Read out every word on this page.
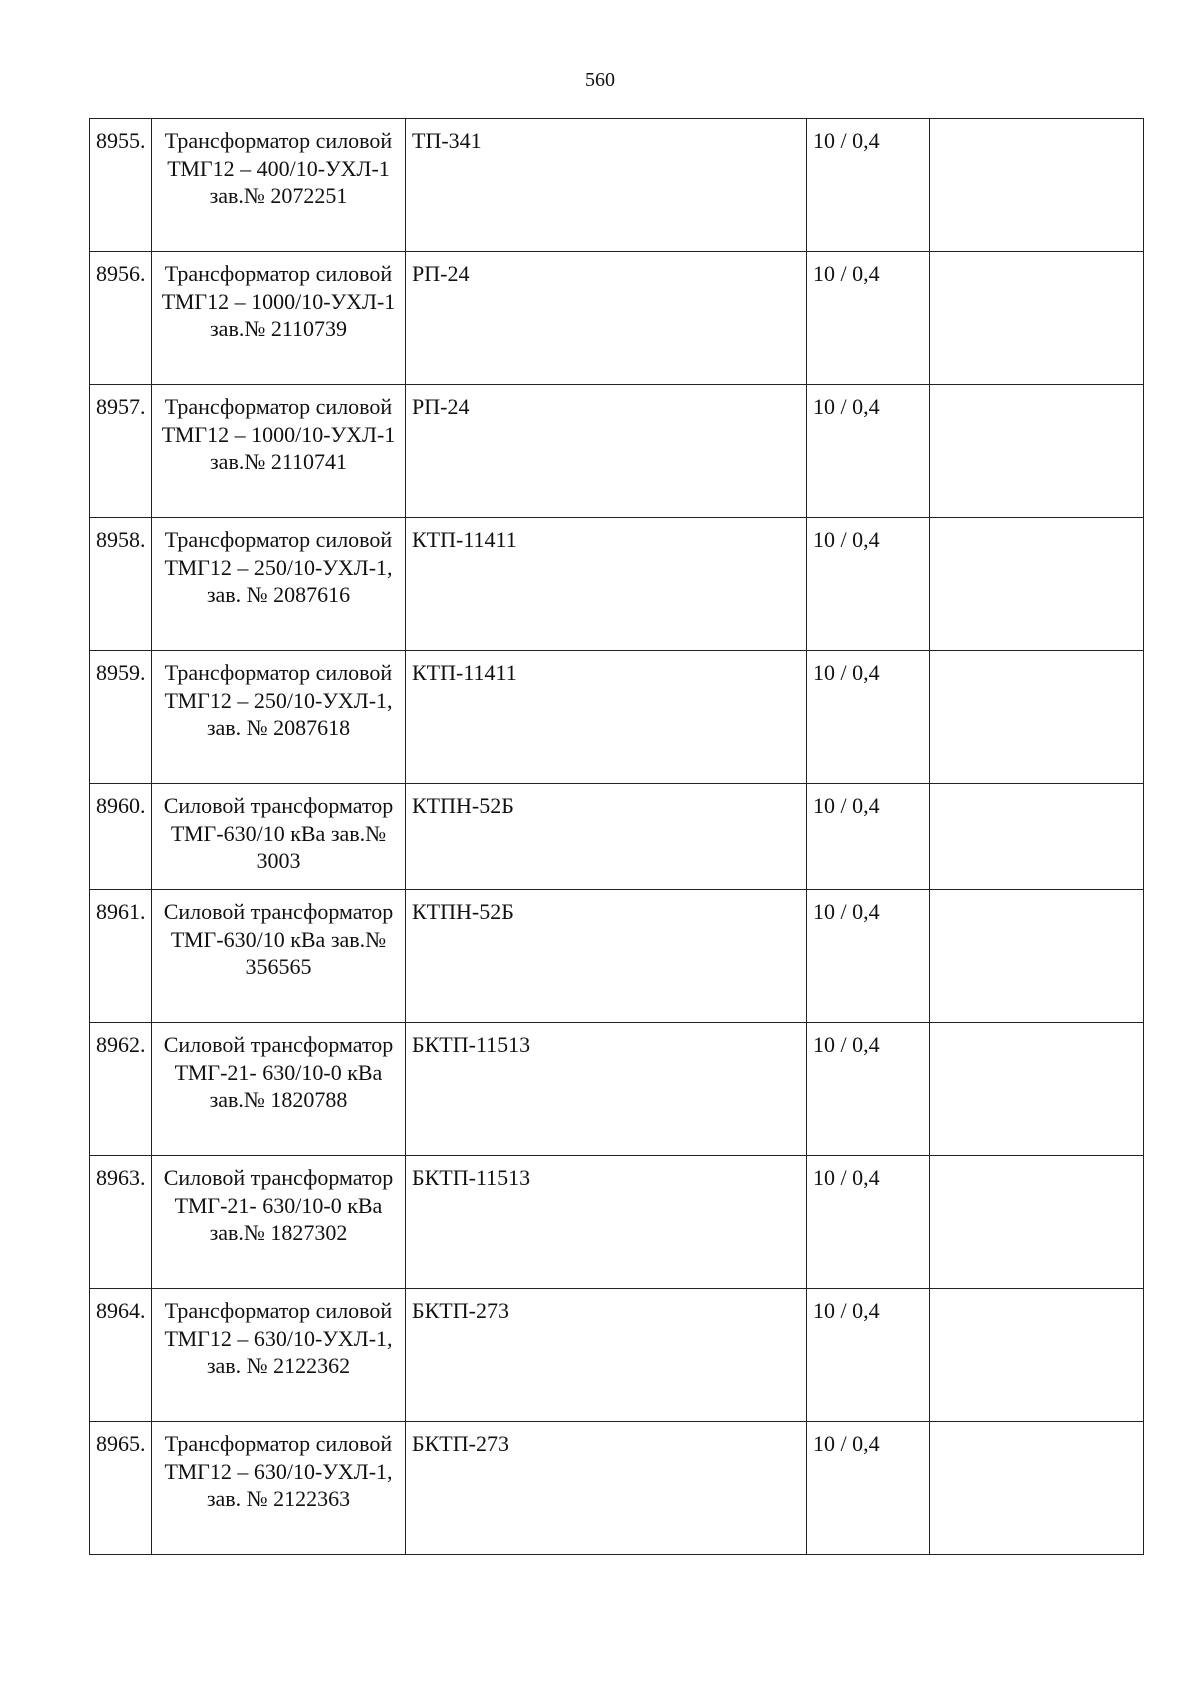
560
8955.	Трансформатор силовой ТМГ12 – 400/10-УХЛ-1 зав.№ 2072251	ТП-341	10 / 0,4	
8956.	Трансформатор силовой ТМГ12 – 1000/10-УХЛ-1 зав.№ 2110739	РП-24	10 / 0,4	
8957.	Трансформатор силовой ТМГ12 – 1000/10-УХЛ-1 зав.№ 2110741	РП-24	10 / 0,4	
8958.	Трансформатор силовой ТМГ12 – 250/10-УХЛ-1, зав. № 2087616	КТП-11411	10 / 0,4	
8959.	Трансформатор силовой ТМГ12 – 250/10-УХЛ-1, зав. № 2087618	КТП-11411	10 / 0,4	
8960.	Силовой трансформатор ТМГ-630/10 кВа зав.№ 3003	КТПН-52Б	10 / 0,4	
8961.	Силовой трансформатор ТМГ-630/10 кВа зав.№ 356565	КТПН-52Б	10 / 0,4	
8962.	Силовой трансформатор ТМГ-21- 630/10-0 кВа зав.№ 1820788	БКТП-11513	10 / 0,4	
8963.	Силовой трансформатор ТМГ-21- 630/10-0 кВа зав.№ 1827302	БКТП-11513	10 / 0,4	
8964.	Трансформатор силовой ТМГ12 – 630/10-УХЛ-1, зав. № 2122362	БКТП-273	10 / 0,4	
8965.	Трансформатор силовой ТМГ12 – 630/10-УХЛ-1, зав. № 2122363	БКТП-273	10 / 0,4	
